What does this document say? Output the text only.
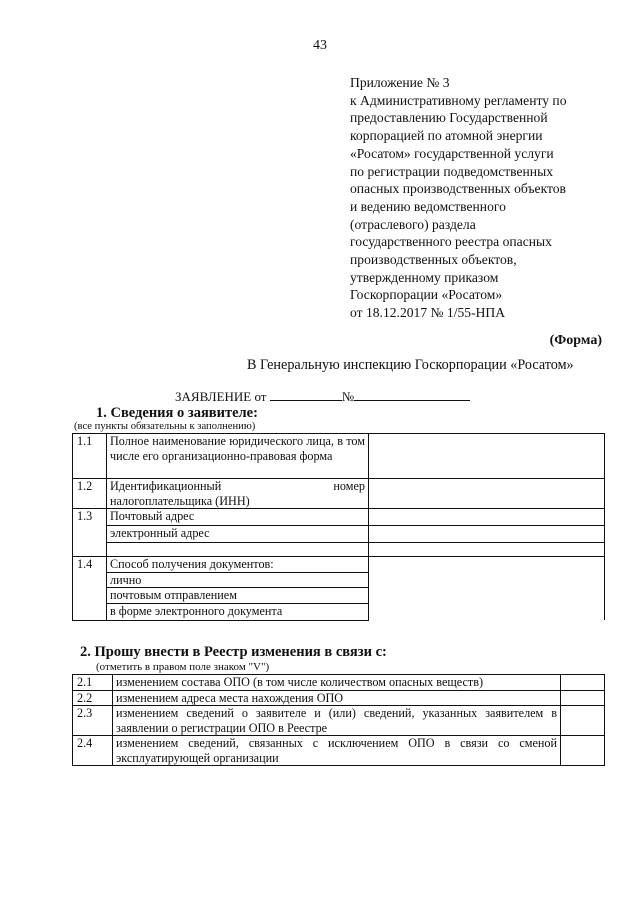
43
Приложение № 3
к Административному регламенту по
предоставлению Государственной
корпорацией по атомной энергии
«Росатом» государственной услуги
по регистрации подведомственных
опасных производственных объектов
и ведению ведомственного
(отраслевого) раздела
государственного реестра опасных
производственных объектов,
утвержденному приказом
Госкорпорации «Росатом»
от 18.12.2017 № 1/55-НПА
(Форма)
В Генеральную инспекцию Госкорпорации «Росатом»
ЗАЯВЛЕНИЕ от	№
1. Сведения о заявителе:
(все пункты обязательны к заполнению)
1.1	Полное наименование юридического лица, в том числе его организационно-правовая форма	
1.2	Идентификационный номер
налогоплательщика (ИНН)	

1.3	Почтовый адрес	
	электронный адрес	

1.4	Способ получения документов:	
	лично	
	почтовым отправлением	
	в форме электронного документа	
2. Прошу внести в Реестр изменения в связи с:
(отметить в правом поле знаком "V")
2.1	изменением состава ОПО (в том числе количеством опасных веществ)	
2.2	изменением адреса места нахождения ОПО	
2.3	изменением сведений о заявителе и (или) сведений, указанных заявителем в заявлении о регистрации ОПО в Реестре	
2.4	изменением сведений, связанных с исключением ОПО в связи со сменой эксплуатирующей организации	
